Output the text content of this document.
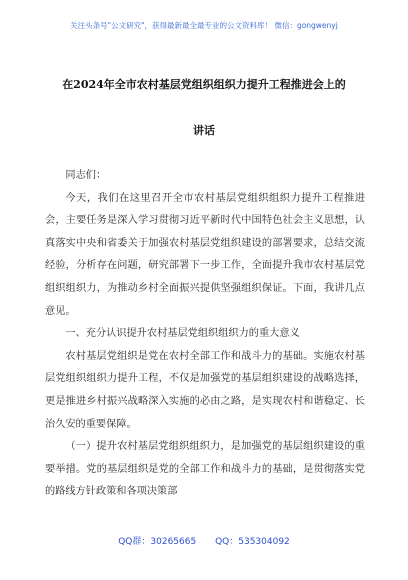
关注头条号"公文研究"，获得最新最全最专业的公文资料库！ 微信：gongwenyj
在2024年全市农村基层党组织组织力提升工程推进会上的
讲话

同志们：

今天，我们在这里召开全市农村基层党组织组织力提升工程推进会，主要任务是深入学习贯彻习近平新时代中国特色社会主义思想，认真落实中央和省委关于加强农村基层党组织建设的部署要求，总结交流经验，分析存在问题，研究部署下一步工作，全面提升我市农村基层党组织组织力，为推动乡村全面振兴提供坚强组织保证。下面，我讲几点意见。

一、充分认识提升农村基层党组织组织力的重大意义

农村基层党组织是党在农村全部工作和战斗力的基础。实施农村基层党组织组织力提升工程，不仅是加强党的基层组织建设的战略选择，更是推进乡村振兴战略深入实施的必由之路，是实现农村和谐稳定、长治久安的重要保障。

（一）提升农村基层党组织组织力，是加强党的基层组织建设的重要举措。党的基层组织是党的全部工作和战斗力的基础，是贯彻落实党的路线方针政策和各项决策部

QQ群：30265665 QQ：535304092
